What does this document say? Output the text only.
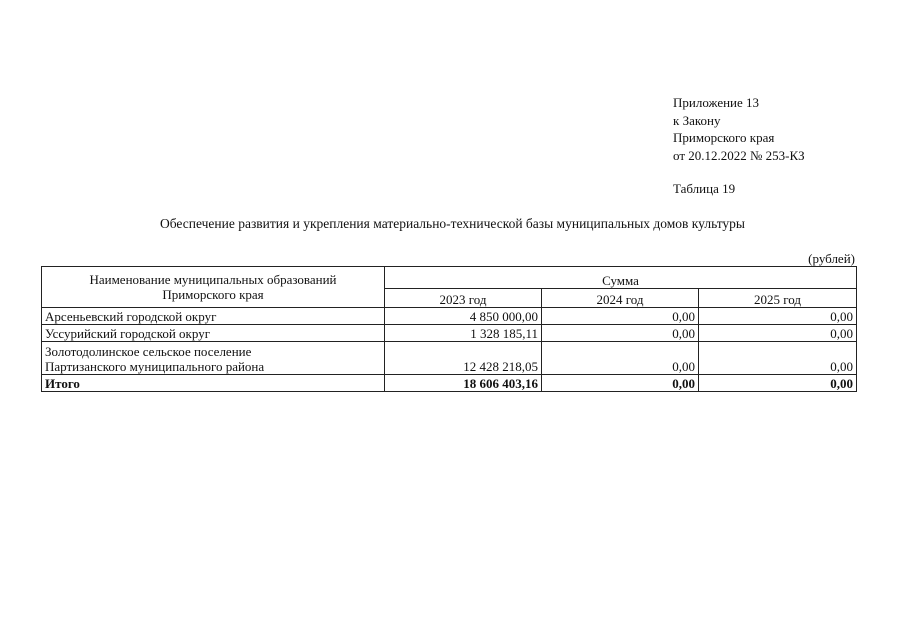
Приложение 13
к Закону
Приморского края
от 20.12.2022 № 253-КЗ
Таблица 19
Обеспечение развития и укрепления материально-технической базы муниципальных домов культуры
(рублей)
Наименование муниципальных образований
Приморского края	Сумма		
	2023 год	2024 год	2025 год
Арсеньевский городской округ	4 850 000,00	0,00	0,00
Уссурийский городской округ	1 328 185,11	0,00	0,00

Золотодолинское сельское поселение
Партизанского муниципального района	12 428 218,05	0,00	0,00
Итого	18 606 403,16	0,00	0,00
